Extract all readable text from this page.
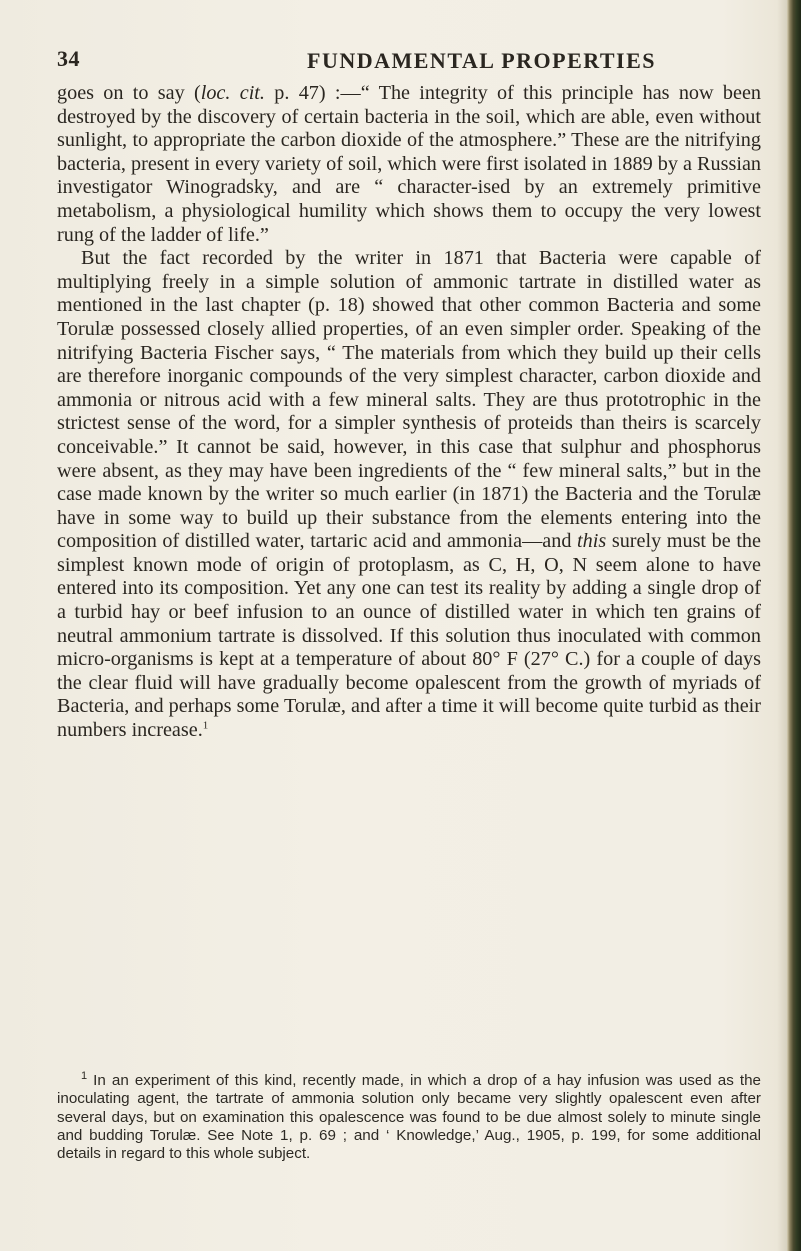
34	FUNDAMENTAL PROPERTIES

goes on to say (loc. cit. p. 47) :—“ The integrity of this principle has now been destroyed by the discovery of certain bacteria in the soil, which are able, even without sunlight, to appropriate the carbon dioxide of the atmosphere.” These are the nitrifying bacteria, present in every variety of soil, which were first isolated in 1889 by a Russian investigator Winogradsky, and are “ character-ised by an extremely primitive metabolism, a physiological humility which shows them to occupy the very lowest rung of the ladder of life.”

But the fact recorded by the writer in 1871 that Bacteria were capable of multiplying freely in a simple solution of ammonic tartrate in distilled water as mentioned in the last chapter (p. 18) showed that other common Bacteria and some Torulæ possessed closely allied properties, of an even simpler order. Speaking of the nitrifying Bacteria Fischer says, “ The materials from which they build up their cells are therefore inorganic compounds of the very simplest character, carbon dioxide and ammonia or nitrous acid with a few mineral salts. They are thus prototrophic in the strictest sense of the word, for a simpler synthesis of proteids than theirs is scarcely conceivable.” It cannot be said, however, in this case that sulphur and phosphorus were absent, as they may have been ingredients of the “ few mineral salts,” but in the case made known by the writer so much earlier (in 1871) the Bacteria and the Torulæ have in some way to build up their substance from the elements entering into the composition of distilled water, tartaric acid and ammonia—and this surely must be the simplest known mode of origin of protoplasm, as C, H, O, N seem alone to have entered into its composition. Yet any one can test its reality by adding a single drop of a turbid hay or beef infusion to an ounce of distilled water in which ten grains of neutral ammonium tartrate is dissolved. If this solution thus inoculated with common micro-organisms is kept at a temperature of about 80° F (27° C.) for a couple of days the clear fluid will have gradually become opalescent from the growth of myriads of Bacteria, and perhaps some Torulæ, and after a time it will become quite turbid as their numbers increase.$^1$

$^1$ In an experiment of this kind, recently made, in which a drop of a hay infusion was used as the inoculating agent, the tartrate of ammonia solution only became very slightly opalescent even after several days, but on examination this opalescence was found to be due almost solely to minute single and budding Torulæ. See Note 1, p. 69 ; and ‘ Knowledge,’ Aug., 1905, p. 199, for some additional details in regard to this whole subject.
